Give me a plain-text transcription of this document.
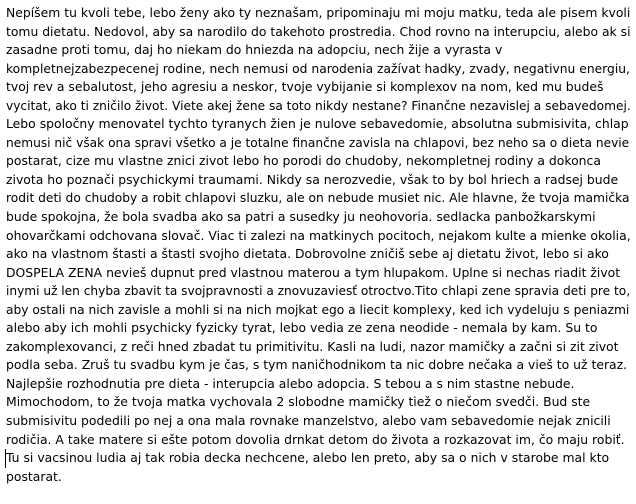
Nepíšem tu kvoli tebe, lebo ženy ako ty neznašam, pripominaju mi moju matku, teda ale pisem kvoli
tomu dietatu. Nedovol, aby sa narodilo do takehoto prostredia. Chod rovno na interupciu, alebo ak si
zasadne proti tomu, daj ho niekam do hniezda na adopciu, nech žije a vyrasta v
kompletnejzabezpecenej rodine, nech nemusi od narodenia zažívat hadky, zvady, negativnu energiu,
tvoj rev a sebalutost, jeho agresiu a neskor, tvoje vybijanie si komplexov na nom, ked mu budeš
vycitat, ako ti zničilo život. Viete akej žene sa toto nikdy nestane? Finančne nezavislej a sebavedomej.
Lebo spoločny menovatel tychto tyranych žien je nulove sebavedomie, absolutna submisivita, chlap
nemusi nič však ona spravi všetko a je totalne finančne zavisla na chlapovi, bez neho sa o dieta nevie
postarat, cize mu vlastne znici zivot lebo ho porodi do chudoby, nekompletnej rodiny a dokonca
zivota ho poznači psychickymi traumami. Nikdy sa nerozvedie, však to by bol hriech a radsej bude
rodit deti do chudoby a robit chlapovi sluzku, ale on nebude musiet nic. Ale hlavne, že tvoja mamička
bude spokojna, že bola svadba ako sa patri a susedky ju neohovoria. sedlacka panbožkarskymi
ohovarčkami odchovana slovač. Viac ti zalezi na matkinych pocitoch, nejakom kulte a mienke okolia,
ako na vlastnom štasti a štasti svojho dietata. Dobrovolne zničiš sebe aj dietatu život, lebo si ako
DOSPELA ZENA nevieš dupnut pred vlastnou materou a tym hlupakom. Uplne si nechas riadit život
inymi už len chyba zbavit ta svojpravnosti a znovuzaviesť otroctvo.Tito chlapi zene spravia deti pre to,
aby ostali na nich zavisle a mohli si na nich mojkat ego a liecit komplexy, ked ich vydeluju s peniazmi
alebo aby ich mohli psychicky fyzicky tyrat, lebo vedia ze zena neodide - nemala by kam. Su to
zakomplexovanci, z reči hned zbadat tu primitivitu. Kasli na ludi, nazor mamičky a začni si zit zivot
podla seba. Zruš tu svadbu kym je čas, s tym naničhodnikom ta nic dobre nečaka a vieš to už teraz.
Najlepšie rozhodnutia pre dieta - interupcia alebo adopcia. S tebou a s nim stastne nebude.
Mimochodom, to že tvoja matka vychovala 2 slobodne mamičky tiež o niečom svedči. Bud ste
submisivitu podedili po nej a ona mala rovnake manzelstvo, alebo vam sebavedomie nejak znicili
rodičia. A take matere si ešte potom dovolia drnkat detom do života a rozkazovat im, čo maju robiť.
Tu si vacsinou ludia aj tak robia decka nechcene, alebo len preto, aby sa o nich v starobe mal kto
postarat.
